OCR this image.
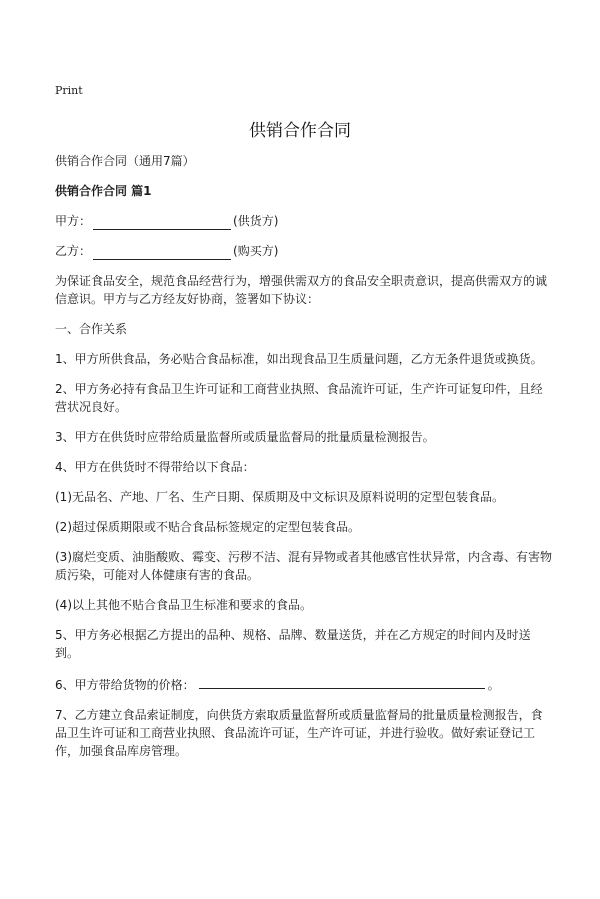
Print
供销合作合同

供销合作合同（通用7篇）

供销合作合同 篇1

甲方：	(供货方)

乙方：	(购买方)

为保证食品安全，规范食品经营行为，增强供需双方的食品安全职责意识，提高供需双方的诚信意识。甲方与乙方经友好协商，签署如下协议：

一、合作关系

1、甲方所供食品，务必贴合食品标准，如出现食品卫生质量问题，乙方无条件退货或换货。

2、甲方务必持有食品卫生许可证和工商营业执照、食品流许可证，生产许可证复印件，且经营状况良好。

3、甲方在供货时应带给质量监督所或质量监督局的批量质量检测报告。

4、甲方在供货时不得带给以下食品：

(1)无品名、产地、厂名、生产日期、保质期及中文标识及原料说明的定型包装食品。

(2)超过保质期限或不贴合食品标签规定的定型包装食品。

(3)腐烂变质、油脂酸败、霉变、污秽不洁、混有异物或者其他感官性状异常，内含毒、有害物质污染，可能对人体健康有害的食品。

(4)以上其他不贴合食品卫生标准和要求的食品。

5、甲方务必根据乙方提出的品种、规格、品牌、数量送货，并在乙方规定的时间内及时送到。

6、甲方带给货物的价格：	。

7、乙方建立食品索证制度，向供货方索取质量监督所或质量监督局的批量质量检测报告，食品卫生许可证和工商营业执照、食品流许可证，生产许可证，并进行验收。做好索证登记工作，加强食品库房管理。
